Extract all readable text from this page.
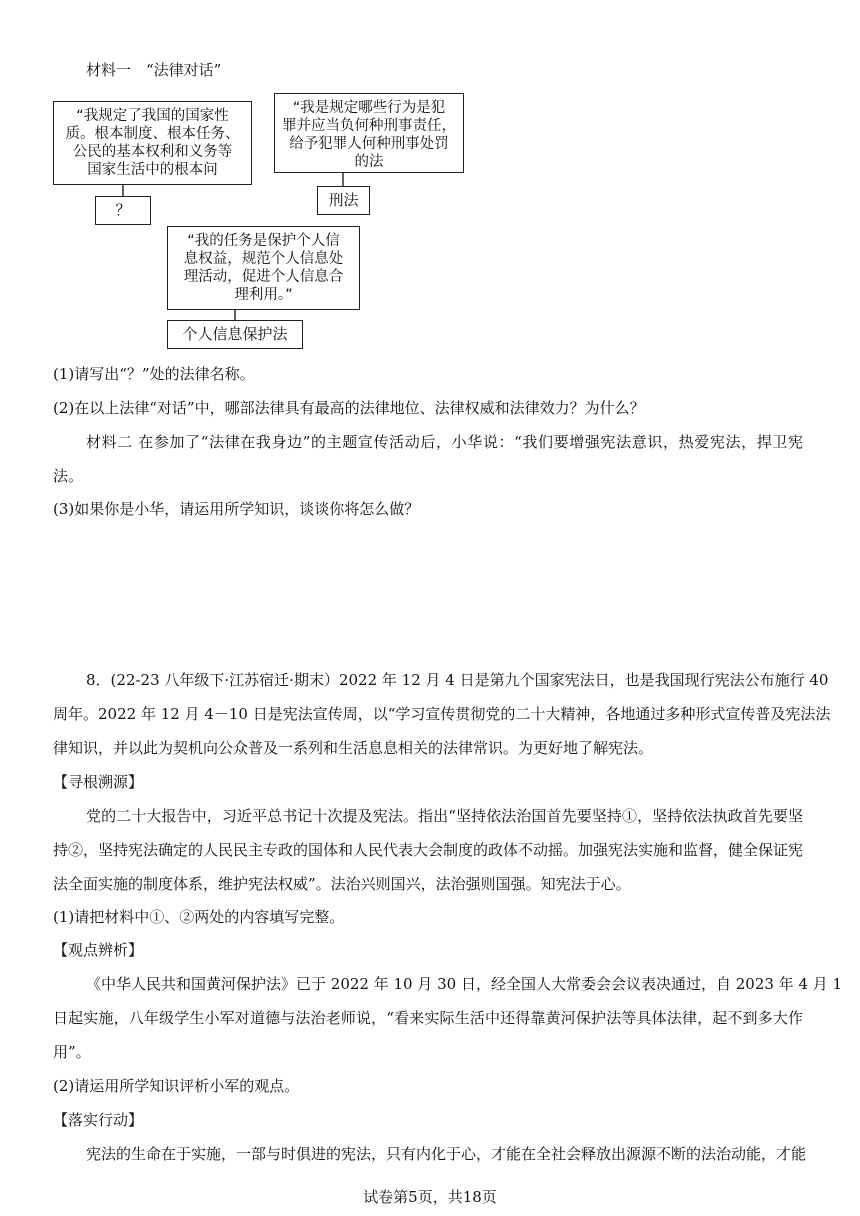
材料一　“法律对话”
“我规定了我国的国家性
质。根本制度、根本任务、
公民的基本权利和义务等
国家生活中的根本问
？
“我是规定哪些行为是犯
罪并应当负何种刑事责任，
给予犯罪人何种刑事处罚
的法
刑法
“我的任务是保护个人信
息权益，规范个人信息处
理活动，促进个人信息合
理利用。”
个人信息保护法
(1)请写出“？”处的法律名称。
(2)在以上法律“对话”中，哪部法律具有最高的法律地位、法律权威和法律效力？为什么？
材料二 在参加了“法律在我身边”的主题宣传活动后，小华说：“我们要增强宪法意识，热爱宪法，捍卫宪
法。
(3)如果你是小华，请运用所学知识，谈谈你将怎么做？
8．(22-23 八年级下·江苏宿迁·期末）2022 年 12 月 4 日是第九个国家宪法日，也是我国现行宪法公布施行 40
周年。2022 年 12 月 4－10 日是宪法宣传周，以“学习宣传贯彻党的二十大精神，各地通过多种形式宣传普及宪法法
律知识，并以此为契机向公众普及一系列和生活息息相关的法律常识。为更好地了解宪法。
【寻根溯源】
党的二十大报告中，习近平总书记十次提及宪法。指出“坚持依法治国首先要坚持①，坚持依法执政首先要坚
持②，坚持宪法确定的人民民主专政的国体和人民代表大会制度的政体不动摇。加强宪法实施和监督，健全保证宪
法全面实施的制度体系，维护宪法权威”。法治兴则国兴，法治强则国强。知宪法于心。
(1)请把材料中①、②两处的内容填写完整。
【观点辨析】
《中华人民共和国黄河保护法》已于 2022 年 10 月 30 日，经全国人大常委会会议表决通过，自 2023 年 4 月 1
日起实施，八年级学生小军对道德与法治老师说，“看来实际生活中还得靠黄河保护法等具体法律，起不到多大作
用”。
(2)请运用所学知识评析小军的观点。
【落实行动】
宪法的生命在于实施，一部与时俱进的宪法，只有内化于心，才能在全社会释放出源源不断的法治动能，才能
试卷第5页，共18页
